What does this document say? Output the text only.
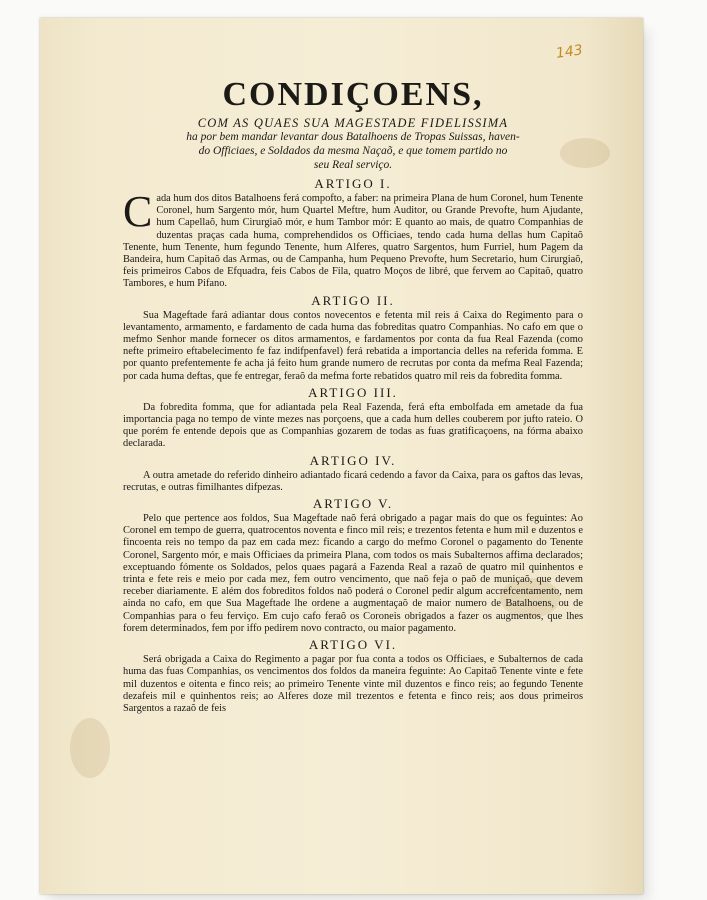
143
CONDIÇOENS,
COM AS QUAES SUA MAGESTADE FIDELISSIMA
ha por bem mandar levantar dous Batalhoens de Tropas Suissas, haven-
do Officiaes, e Soldados da mesma Naçaõ, e que tomem partido no
seu Real serviço.
ARTIGO I.

Cada hum dos ditos Batalhoens ferá compofto, a faber: na primeira Plana de hum Coronel, hum Tenente Coronel, hum Sargento mór, hum Quartel Meftre, hum Auditor, ou Grande Prevofte, hum Ajudante, hum Capellaõ, hum Cirurgiaõ mór, e hum Tambor mór: E quanto ao mais, de quatro Companhias de duzentas praças cada huma, comprehendidos os Officiaes, tendo cada huma dellas hum Capitaõ Tenente, hum Tenente, hum fegundo Tenente, hum Alferes, quatro Sargentos, hum Furriel, hum Pagem da Bandeira, hum Capitaõ das Armas, ou de Campanha, hum Pequeno Prevofte, hum Secretario, hum Cirurgiaõ, feis primeiros Cabos de Efquadra, feis Cabos de Fila, quatro Moços de libré, que fervem ao Capitaõ, quatro Tambores, e hum Pifano.

ARTIGO II.

Sua Mageftade fará adiantar dous contos novecentos e fetenta mil reis á Caixa do Regimento para o levantamento, armamento, e fardamento de cada huma das fobreditas quatro Companhias. No cafo em que o mefmo Senhor mande fornecer os ditos armamentos, e fardamentos por conta da fua Real Fazenda (como nefte primeiro eftabelecimento fe faz indifpenfavel) ferá rebatida a importancia delles na referida fomma. E por quanto prefentemente fe acha já feito hum grande numero de recrutas por conta da mefma Real Fazenda; por cada huma deftas, que fe entregar, feraõ da mefma forte rebatidos quatro mil reis da fobredita fomma.

ARTIGO III.

Da fobredita fomma, que for adiantada pela Real Fazenda, ferá efta embolfada em ametade da fua importancia paga no tempo de vinte mezes nas porçoens, que a cada hum delles couberem por jufto rateio. O que porém fe entende depois que as Companhias gozarem de todas as fuas gratificaçoens, na fórma abaixo declarada.

ARTIGO IV.

A outra ametade do referido dinheiro adiantado ficará cedendo a favor da Caixa, para os gaftos das levas, recrutas, e outras fimilhantes difpezas.

ARTIGO V.

Pelo que pertence aos foldos, Sua Mageftade naõ ferá obrigado a pagar mais do que os feguintes: Ao Coronel em tempo de guerra, quatrocentos noventa e finco mil reis; e trezentos fetenta e hum mil e duzentos e fincoenta reis no tempo da paz em cada mez: ficando a cargo do mefmo Coronel o pagamento do Tenente Coronel, Sargento mór, e mais Officiaes da primeira Plana, com todos os mais Subalternos affima declarados; exceptuando fómente os Soldados, pelos quaes pagará a Fazenda Real a razaõ de quatro mil quinhentos e trinta e fete reis e meio por cada mez, fem outro vencimento, que naõ feja o paõ de muniçaõ, que devem receber diariamente. E além dos fobreditos foldos naõ poderá o Coronel pedir algum accrefcentamento, nem ainda no cafo, em que Sua Mageftade lhe ordene a augmentaçaõ de maior numero de Batalhoens, ou de Companhias para o feu ferviço. Em cujo cafo feraõ os Coroneis obrigados a fazer os augmentos, que lhes forem determinados, fem por iffo pedirem novo contracto, ou maior pagamento.

ARTIGO VI.

Será obrigada a Caixa do Regimento a pagar por fua conta a todos os Officiaes, e Subalternos de cada huma das fuas Companhias, os vencimentos dos foldos da maneira feguinte: Ao Capitaõ Tenente vinte e fete mil duzentos e oitenta e finco reis; ao primeiro Tenente vinte mil duzentos e finco reis; ao fegundo Tenente dezafeis mil e quinhentos reis; ao Alferes doze mil trezentos e fetenta e finco reis; aos dous primeiros Sargentos a razaõ de feis
